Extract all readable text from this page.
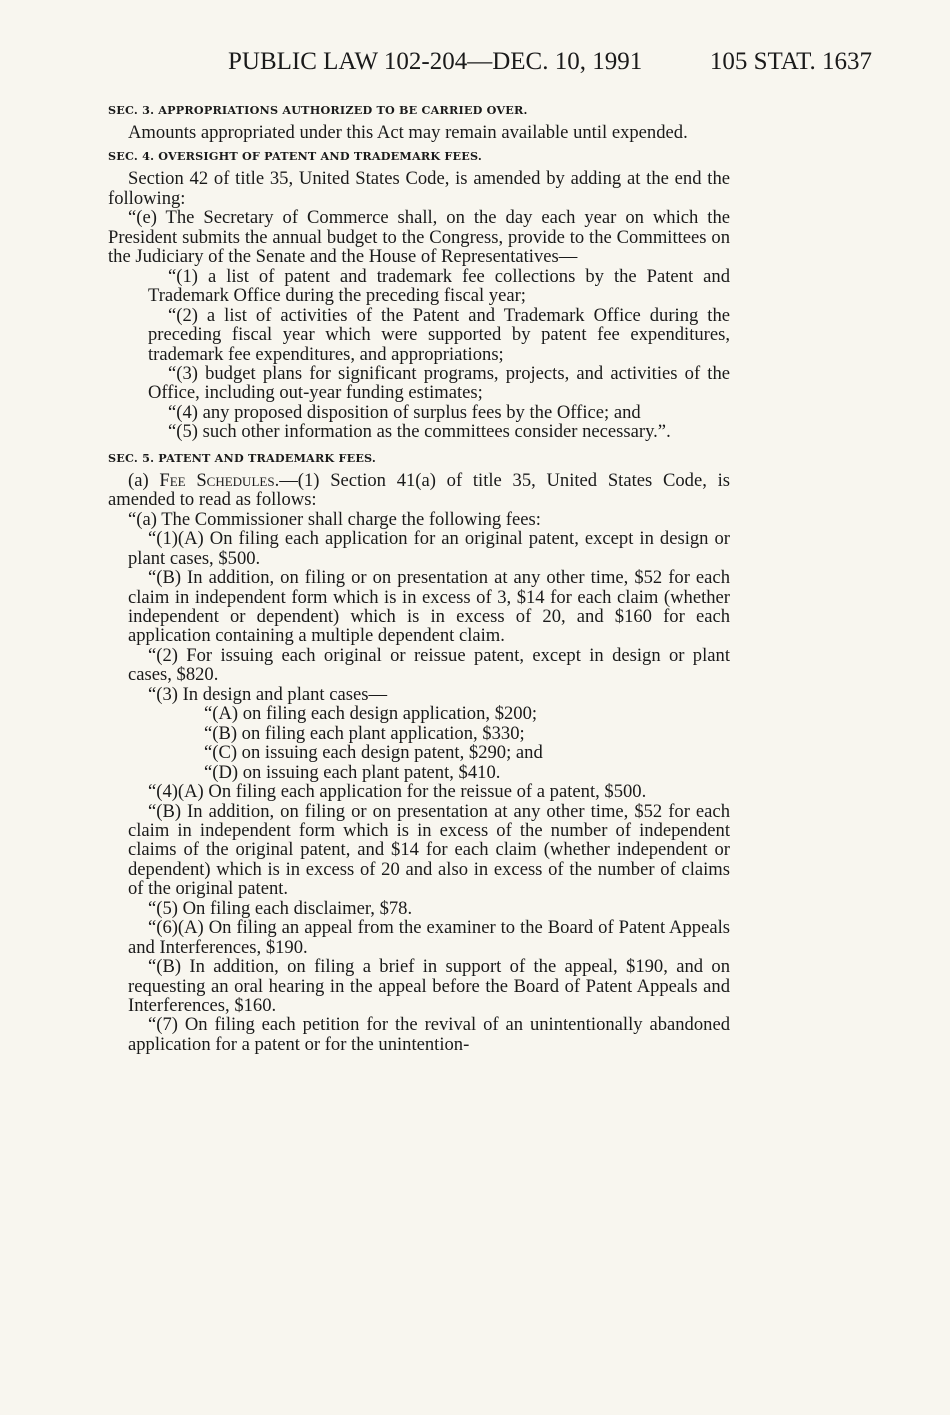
PUBLIC LAW 102-204—DEC. 10, 1991	105 STAT. 1637
SEC. 3. APPROPRIATIONS AUTHORIZED TO BE CARRIED OVER.

Amounts appropriated under this Act may remain available until expended.

SEC. 4. OVERSIGHT OF PATENT AND TRADEMARK FEES.

Section 42 of title 35, United States Code, is amended by adding at the end the following:

“(e) The Secretary of Commerce shall, on the day each year on which the President submits the annual budget to the Congress, provide to the Committees on the Judiciary of the Senate and the House of Representatives—

“(1) a list of patent and trademark fee collections by the Patent and Trademark Office during the preceding fiscal year;

“(2) a list of activities of the Patent and Trademark Office during the preceding fiscal year which were supported by patent fee expenditures, trademark fee expenditures, and appropriations;

“(3) budget plans for significant programs, projects, and activities of the Office, including out-year funding estimates;

“(4) any proposed disposition of surplus fees by the Office; and

“(5) such other information as the committees consider necessary.”.

SEC. 5. PATENT AND TRADEMARK FEES.

(a) Fee Schedules.—(1) Section 41(a) of title 35, United States Code, is amended to read as follows:

“(a) The Commissioner shall charge the following fees:

“(1)(A) On filing each application for an original patent, except in design or plant cases, $500.

“(B) In addition, on filing or on presentation at any other time, $52 for each claim in independent form which is in excess of 3, $14 for each claim (whether independent or dependent) which is in excess of 20, and $160 for each application containing a multiple dependent claim.

“(2) For issuing each original or reissue patent, except in design or plant cases, $820.

“(3) In design and plant cases—

“(A) on filing each design application, $200;

“(B) on filing each plant application, $330;

“(C) on issuing each design patent, $290; and

“(D) on issuing each plant patent, $410.

“(4)(A) On filing each application for the reissue of a patent, $500.

“(B) In addition, on filing or on presentation at any other time, $52 for each claim in independent form which is in excess of the number of independent claims of the original patent, and $14 for each claim (whether independent or dependent) which is in excess of 20 and also in excess of the number of claims of the original patent.

“(5) On filing each disclaimer, $78.

“(6)(A) On filing an appeal from the examiner to the Board of Patent Appeals and Interferences, $190.

“(B) In addition, on filing a brief in support of the appeal, $190, and on requesting an oral hearing in the appeal before the Board of Patent Appeals and Interferences, $160.

“(7) On filing each petition for the revival of an unintentionally abandoned application for a patent or for the unintention-
